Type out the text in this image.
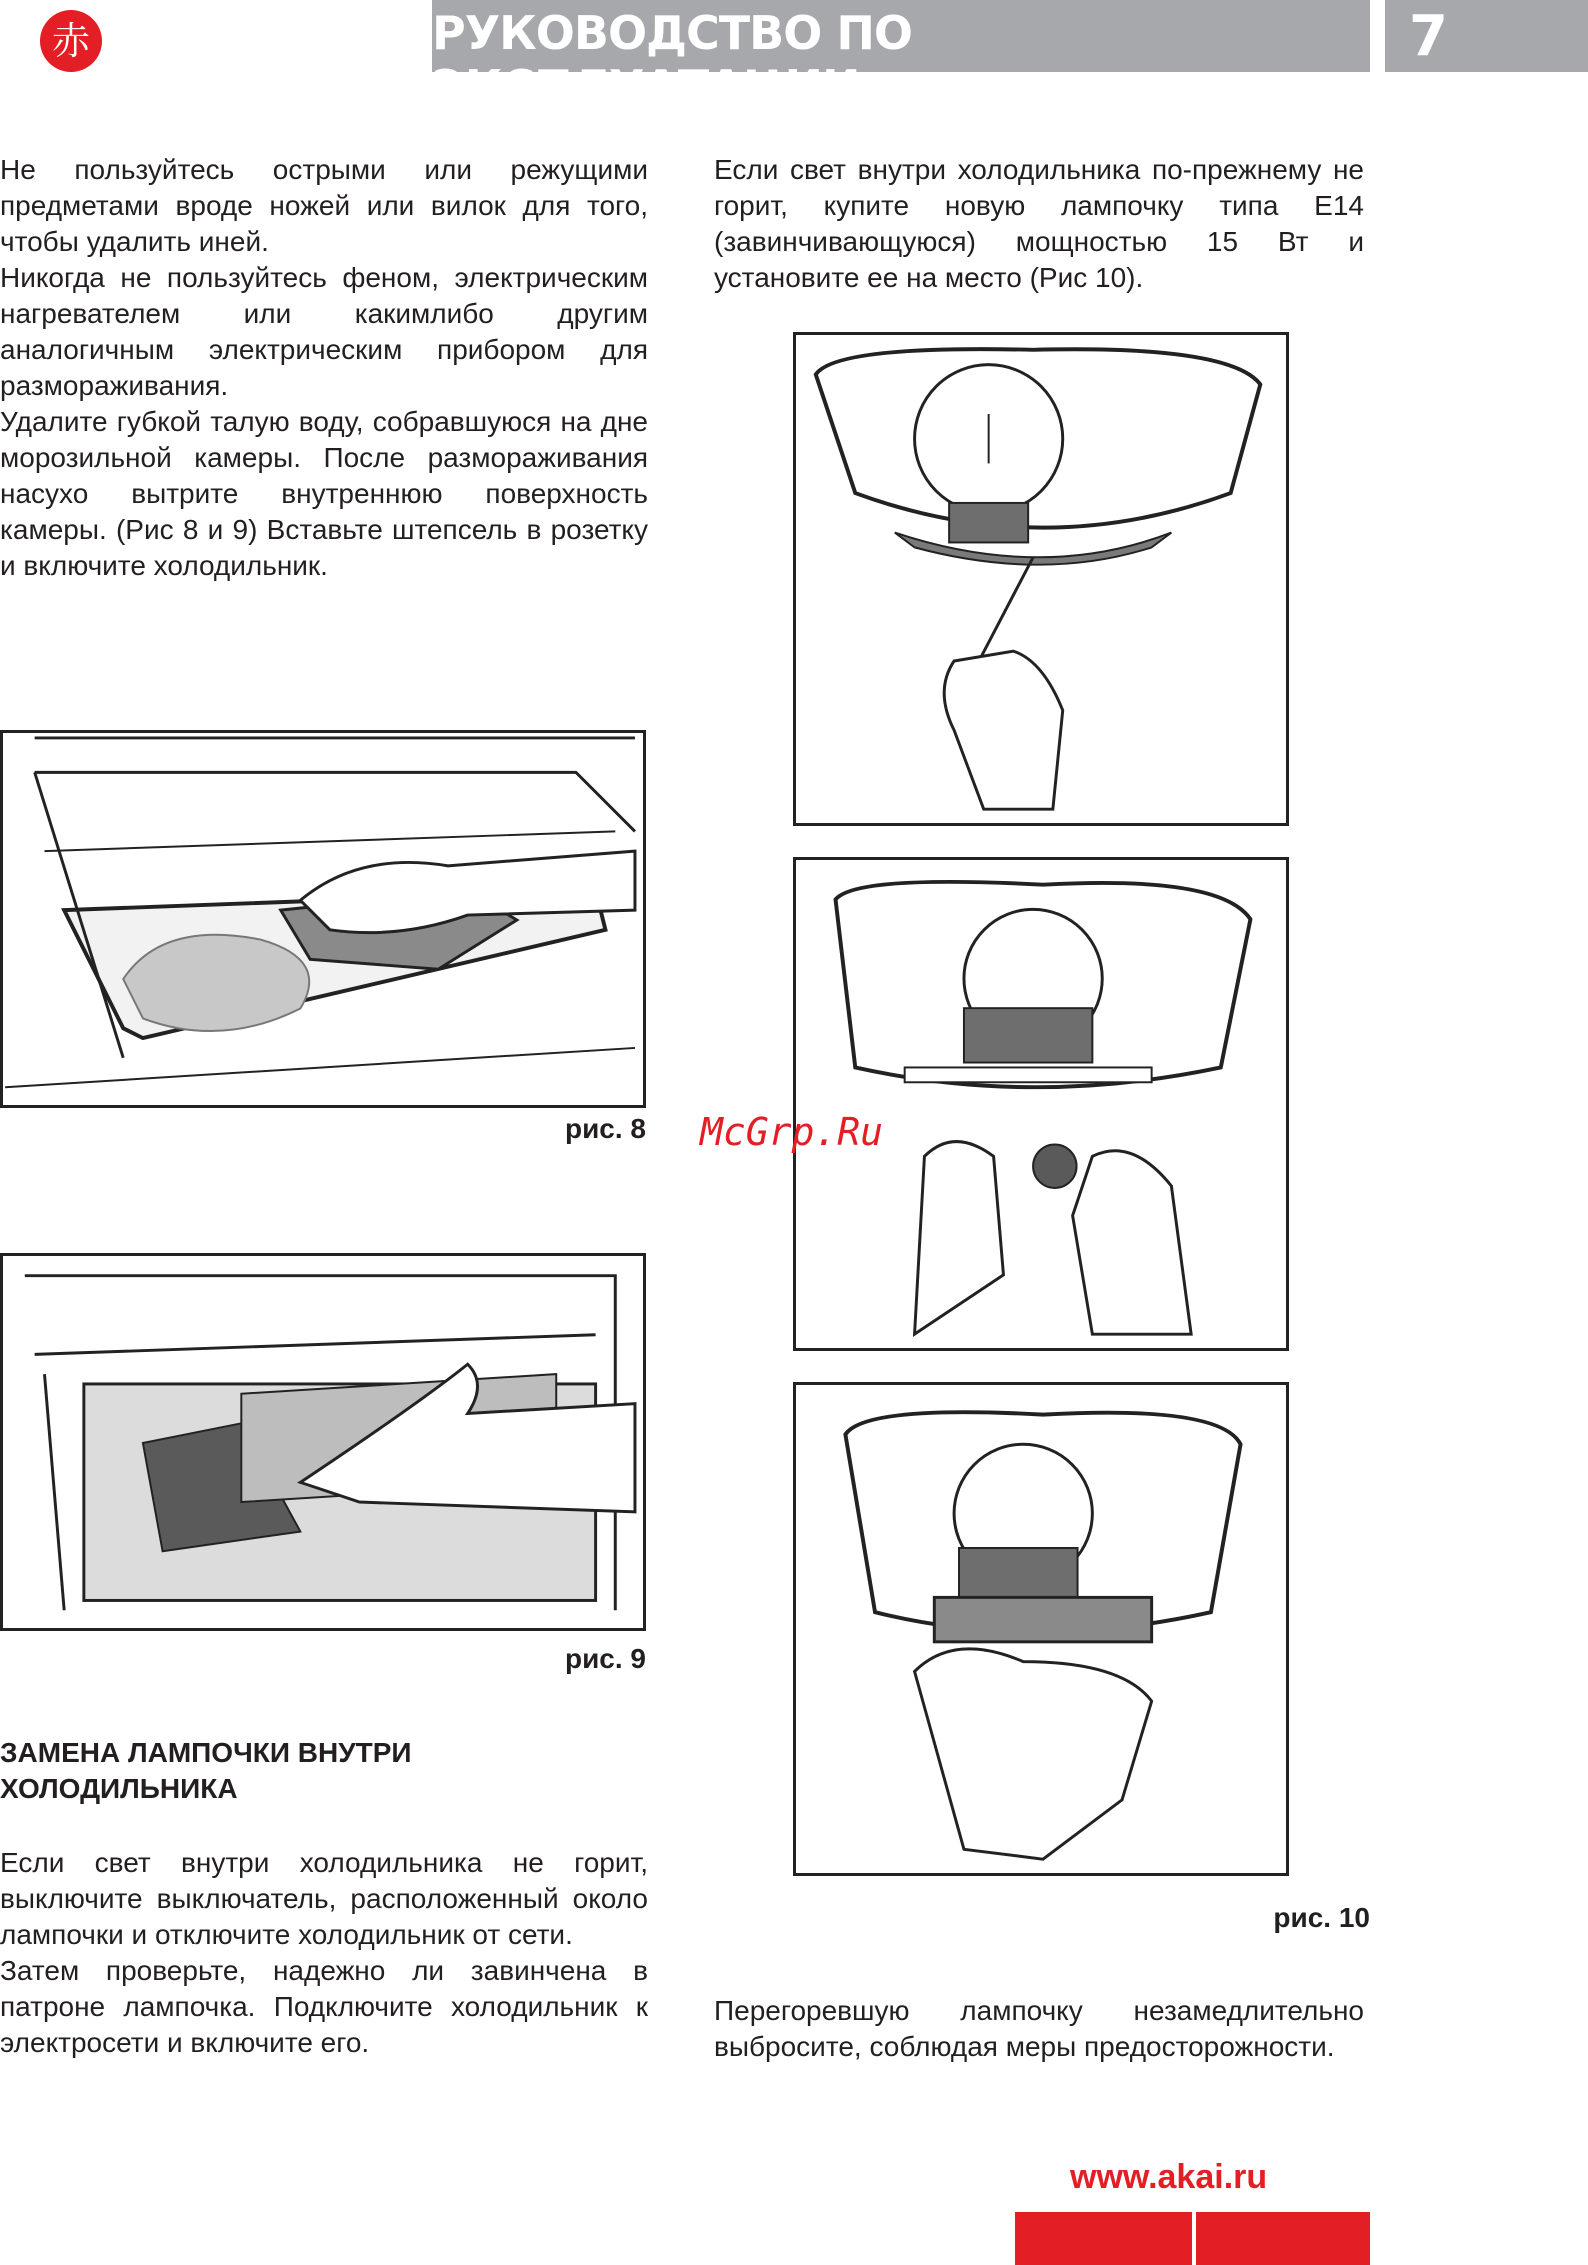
赤	РУКОВОДСТВО ПО ЭКСПЛУАТАЦИИ
7

Не пользуйтесь острыми или режущими предметами вроде ножей или вилок для того, чтобы удалить иней.

Никогда не пользуйтесь феном, электрическим нагревателем или какимлибо другим аналогичным электрическим прибором для размораживания.

Удалите губкой талую воду, собравшуюся на дне морозильной камеры. После размораживания насухо вытрите внутреннюю поверхность камеры. (Рис 8 и 9) Вставьте штепсель в розетку и включите холодильник.

рис. 8
рис. 9
ЗАМЕНА ЛАМПОЧКИ ВНУТРИ ХОЛОДИЛЬНИКА

Если свет внутри холодильника не горит, выключите выключатель, расположенный около лампочки и отключите холодильник от сети.

Затем проверьте, надежно ли завинчена в патроне лампочка. Подключите холодильник к электросети и включите его.

Если свет внутри холодильника по-прежнему не горит, купите новую лампочку типа Е14 (завинчивающуюся) мощностью 15 Вт и установите ее на место (Рис 10).

рис. 10

Перегоревшую лампочку незамедлительно выбросите, соблюдая меры предосторожности.

McGrp.Ru
www.akai.ru
